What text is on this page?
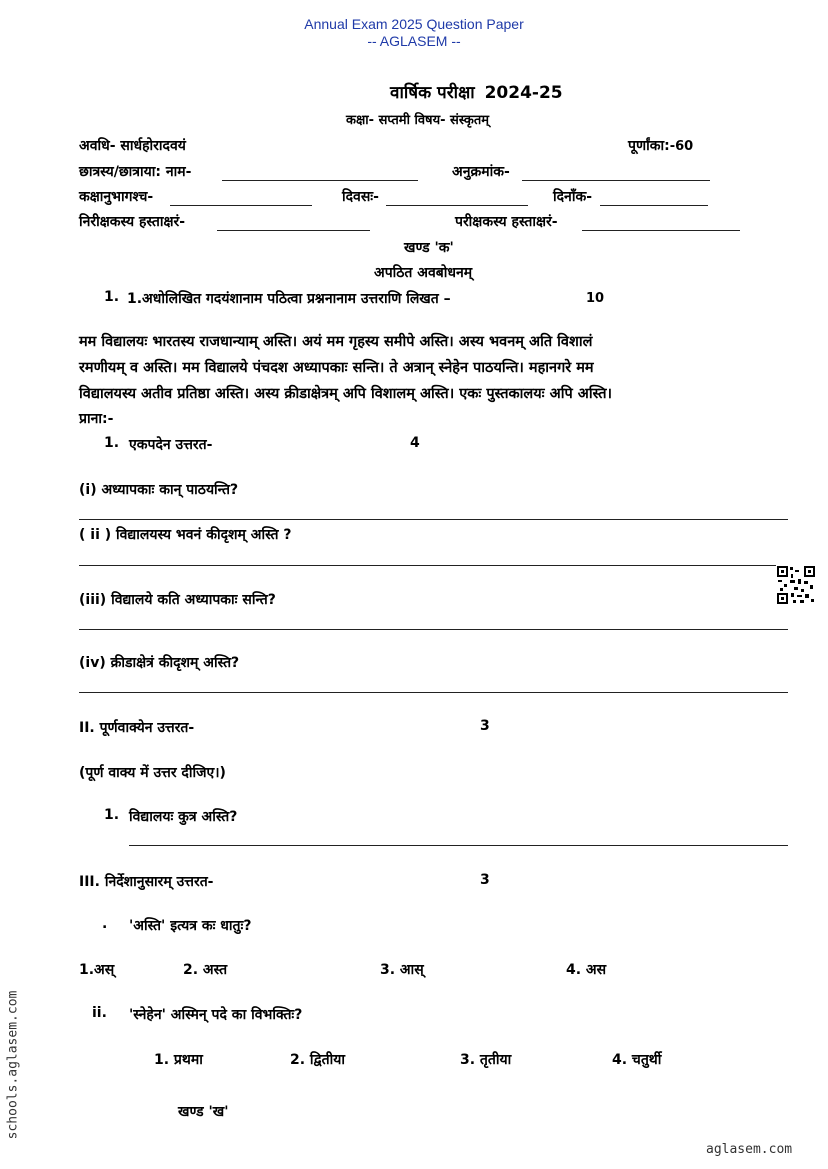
Annual Exam 2025 Question Paper
-- AGLASEM --
वार्षिक परीक्षा 2024-25
कक्षा- सप्तमी विषय- संस्कृतम्
अवधि- सार्धहोरादवयं	पूर्णांका:-60
छात्रस्य/छात्राया: नाम-	अनुक्रमांक-
कक्षानुभागश्च-	दिवसः-	दिनाँक-
निरीक्षकस्य हस्ताक्षरं-	परीक्षकस्य हस्ताक्षरं-
खण्ड 'क'
अपठित अवबोधनम्
1. 1.अधोलिखित गदयंशानाम पठित्वा प्रश्ननानाम उत्तराणि लिखत –	10
मम विद्यालयः भारतस्य राजधान्याम् अस्ति। अयं मम गृहस्य समीपे अस्ति। अस्य भवनम् अति विशालं
रमणीयम् व अस्ति। मम विद्यालये पंचदश अध्यापकाः सन्ति। ते अत्रान् स्नेहेन पाठयन्ति। महानगरे मम
विद्यालयस्य अतीव प्रतिष्ठा अस्ति। अस्य क्रीडाक्षेत्रम् अपि विशालम् अस्ति। एकः पुस्तकालयः अपि अस्ति।
प्राना:-
1. एकपदेन उत्तरत-	4
(i) अध्यापकाः कान् पाठयन्ति?
( ii ) विद्यालयस्य भवनं कीदृशम् अस्ति ?
(iii) विद्यालये कति अध्यापकाः सन्ति?
(iv) क्रीडाक्षेत्रं कीदृशम् अस्ति?
II. पूर्णवाक्येन उत्तरत-	3
(पूर्ण वाक्य में उत्तर दीजिए।)
1. विद्यालयः कुत्र अस्ति?
III. निर्देशानुसारम् उत्तरत-	3
. 'अस्ति' इत्यत्र कः धातुः?
1.अस्	2. अस्त	3. आस्	4. अस
ii. 'स्नेहेन' अस्मिन् पदे का विभक्तिः?
1. प्रथमा	2. द्वितीया	3. तृतीया	4. चतुर्थी
खण्ड 'ख'
schools.aglasem.com
aglasem.com
